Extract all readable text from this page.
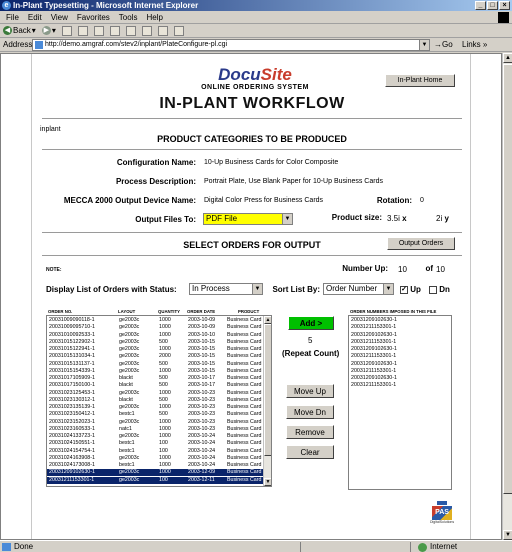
e In-Plant Typesetting - Microsoft Internet Explorer	_	□	×
File Edit View Favorites Tools Help
◀ Back ▾ ▶ ▾
Address	http://demo.amgraf.com/stev2/inplant/PlateConfigure-pl.cgi	▼ →Go Links »
DocuSite
ONLINE ORDERING SYSTEM
In-Plant Home
IN-PLANT WORKFLOW
inplant
PRODUCT CATEGORIES TO BE PRODUCED
Configuration Name: 10-Up Business Cards for Color Composite
Process Description: Portrait Plate, Use Blank Paper for 10-Up Business Cards
MECCA 2000 Output Device Name: Digital Color Press for Business Cards	Rotation: 0
Output Files To:	PDF File	▼	Product size: 3.5i x	2i y
SELECT ORDERS FOR OUTPUT	Output Orders
NOTE:	Number Up: 10	of 10
Display List of Orders with Status:	In Process	▼	Sort List By: Order Number	▼ ✓ Up	Dn
ORDER NO.	LAYOUT	QUANTITY ORDER DATE	PRODUCT
20031211153301-1	ge2003c	100	2003-12-11 Business Card
20031209102630-1	ge2003c	1000	2003-12-09 Business Card
20031024173008-1	bestc1	1000	2003-10-24 Business Card
20031024163908-1	ge2003c	1000	2003-10-24 Business Card
20031024154754-1	bestc1	100	2003-10-24 Business Card
20031024150551-1	bestc1	100	2003-10-24 Business Card
20031024133723-1	ge2003c	1000	2003-10-24 Business Card
20031023160533-1	natc1	1000	2003-10-23 Business Card
20031023152023-1	ge2003c	1000	2003-10-23 Business Card
20031023150412-1	bestc1	500	2003-10-23 Business Card
20031023135139-1	ge2003c	1000	2003-10-23 Business Card
20031023130312-1	blackt	500	2003-10-23 Business Card
20031023125453-1	ge2003c	1000	2003-10-23 Business Card
20031017150100-1	blackt	500	2003-10-17 Business Card
20031017105909-1	blackt	500	2003-10-17 Business Card
20031015154339-1	ge2003c	1000	2003-10-15 Business Card
20031015131137-1	ge2003c	500	2003-10-15 Business Card
20031015131034-1	ge2003c	2000	2003-10-15 Business Card
20031015122941-1	ge2003c	1000	2003-10-15 Business Card
20031015122902-1	ge2003c	500	2003-10-15 Business Card
20031010092533-1	ge2003c	1000	2003-10-10 Business Card
20031009095710-1	ge2003c	1000	2003-10-09 Business Card
20031009090118-1	ge2003c	1000	2003-10-09 Business Card ▲
▼
Add >
5
(Repeat Count)
Move Up
Move Dn
Remove
Clear
ORDER NUMBERS IMPOSED IN THIS FILE
20031209102630-1
20031211153301-1
20031209102630-1
20031211153301-1
20031209102630-1
20031211153301-1
20031209102630-1
20031211153301-1
20031209102630-1
20031211153301-1
PAS
DigitalSolutions
▲
▼
Done	Internet
